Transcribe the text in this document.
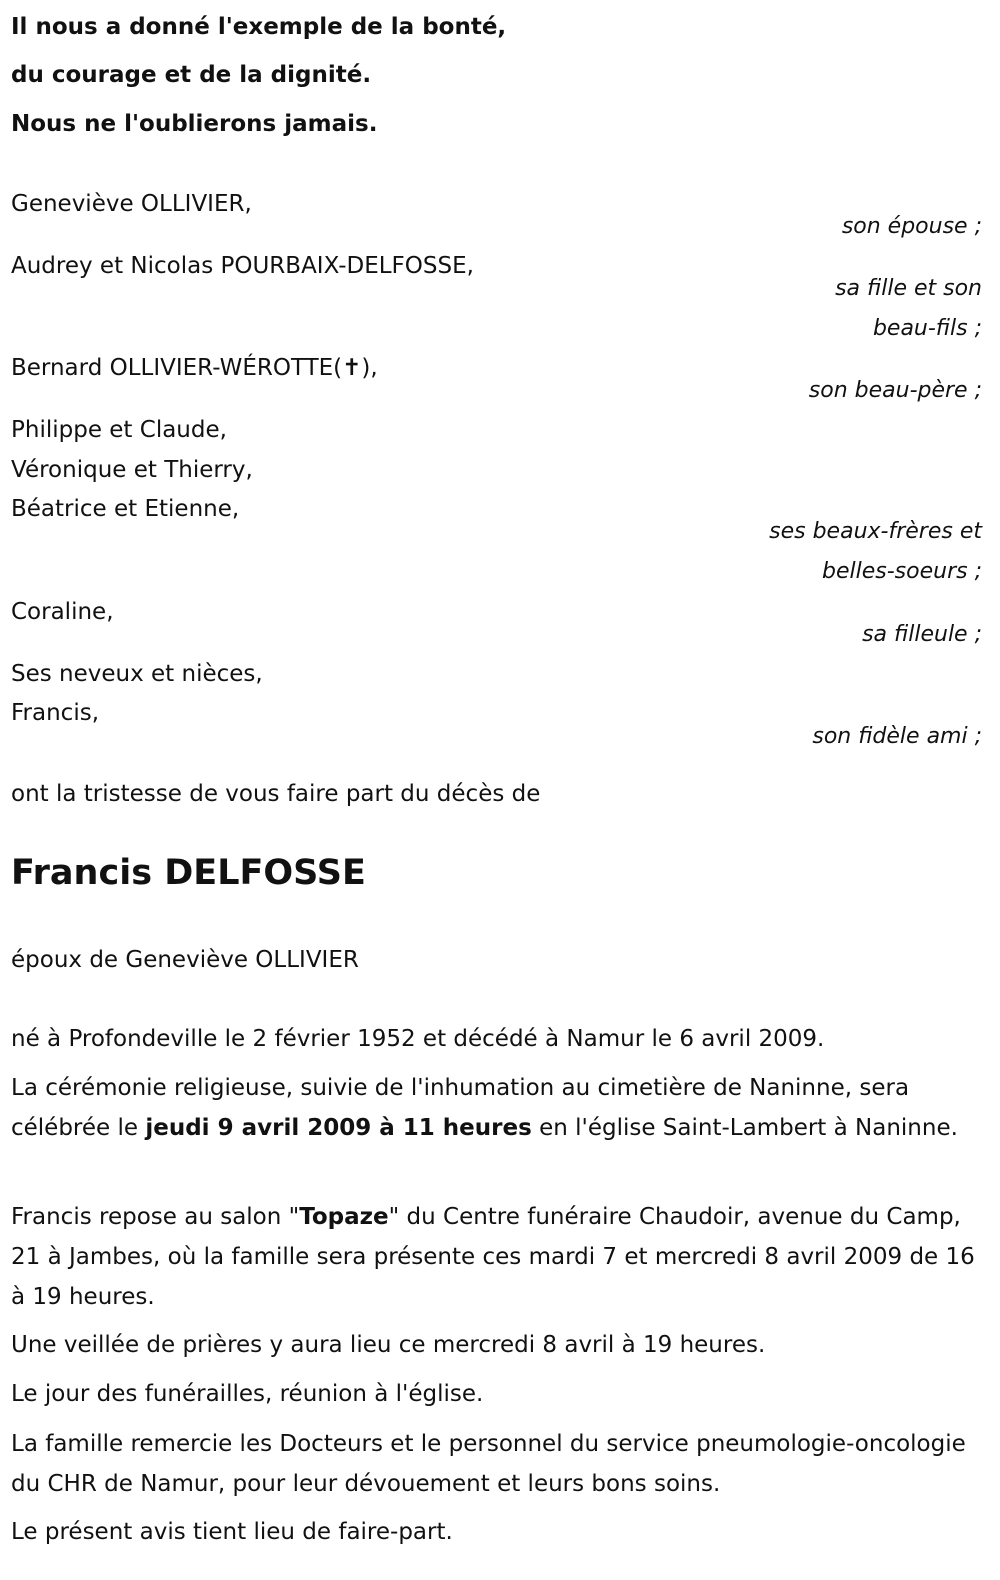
Il nous a donné l'exemple de la bonté,

du courage et de la dignité.

Nous ne l'oublierons jamais.

Geneviève OLLIVIER,

son épouse ;

Audrey et Nicolas POURBAIX-DELFOSSE,

sa fille et son

beau-fils ;

Bernard OLLIVIER-WÉROTTE(✝),

son beau-père ;

Philippe et Claude,

Véronique et Thierry,

Béatrice et Etienne,

ses beaux-frères et

belles-soeurs ;

Coraline,

sa filleule ;

Ses neveux et nièces,

Francis,

son fidèle ami ;

ont la tristesse de vous faire part du décès de

Francis DELFOSSE

époux de Geneviève OLLIVIER

né à Profondeville le 2 février 1952 et décédé à Namur le 6 avril 2009.

La cérémonie religieuse, suivie de l'inhumation au cimetière de Naninne, sera célébrée le jeudi 9 avril 2009 à 11 heures en l'église Saint-Lambert à Naninne.

Francis repose au salon "Topaze" du Centre funéraire Chaudoir, avenue du Camp, 21 à Jambes, où la famille sera présente ces mardi 7 et mercredi 8 avril 2009 de 16 à 19 heures.

Une veillée de prières y aura lieu ce mercredi 8 avril à 19 heures.

Le jour des funérailles, réunion à l'église.

La famille remercie les Docteurs et le personnel du service pneumologie-oncologie du CHR de Namur, pour leur dévouement et leurs bons soins.

Le présent avis tient lieu de faire-part.
